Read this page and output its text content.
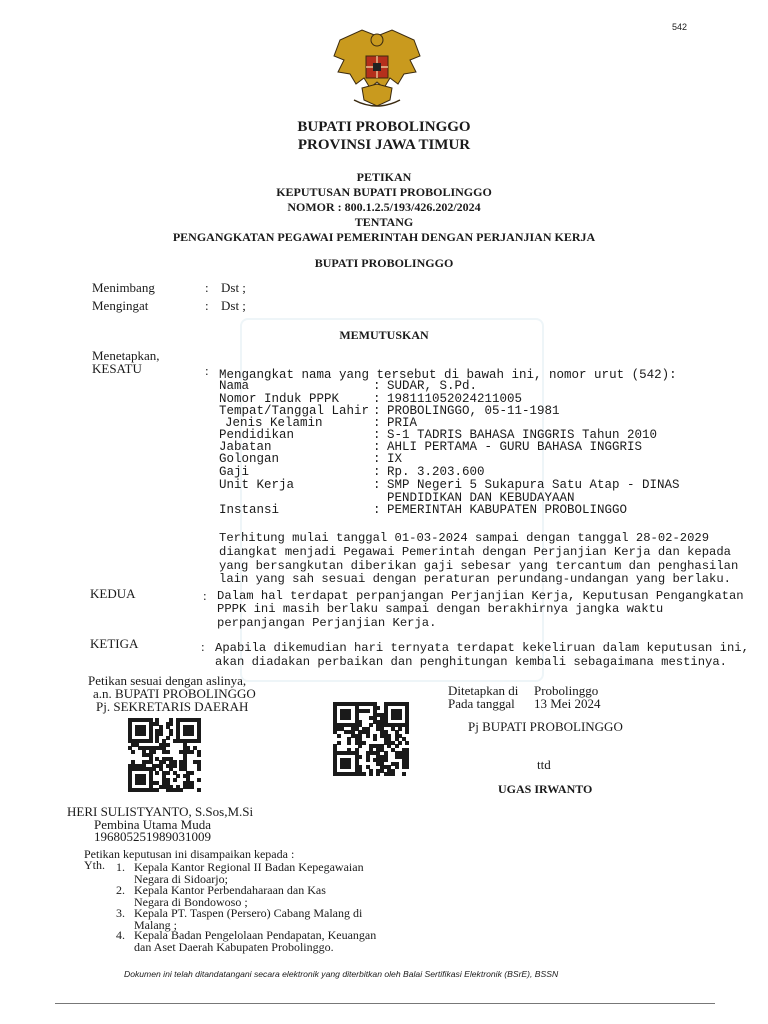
542
BUPATI PROBOLINGGO
PROVINSI JAWA TIMUR
PETIKAN
KEPUTUSAN BUPATI PROBOLINGGO
NOMOR : 800.1.2.5/193/426.202/2024
TENTANG
PENGANGKATAN PEGAWAI PEMERINTAH DENGAN PERJANJIAN KERJA
BUPATI PROBOLINGGO
Menimbang	: Dst ;
Mengingat	: Dst ;
MEMUTUSKAN
Menetapkan,
KESATU	: Mengangkat nama yang tersebut di bawah ini, nomor urut (542):
Nama	: SUDAR, S.Pd.
Nomor Induk PPPK	: 198111052024211005
Tempat/Tanggal Lahir : PROBOLINGGO, 05-11-1981
Jenis Kelamin	: PRIA
Pendidikan	: S-1 TADRIS BAHASA INGGRIS Tahun 2010
Jabatan	: AHLI PERTAMA - GURU BAHASA INGGRIS
Golongan	: IX
Gaji	: Rp. 3.203.600
Unit Kerja	: SMP Negeri 5 Sukapura Satu Atap - DINAS
PENDIDIKAN DAN KEBUDAYAAN
Instansi	: PEMERINTAH KABUPATEN PROBOLINGGO
Terhitung mulai tanggal 01-03-2024 sampai dengan tanggal 28-02-2029
diangkat menjadi Pegawai Pemerintah dengan Perjanjian Kerja dan kepada
yang bersangkutan diberikan gaji sebesar yang tercantum dan penghasilan
lain yang sah sesuai dengan peraturan perundang-undangan yang berlaku.
KEDUA	: Dalam hal terdapat perpanjangan Perjanjian Kerja, Keputusan Pengangkatan
PPPK ini masih berlaku sampai dengan berakhirnya jangka waktu
perpanjangan Perjanjian Kerja.
KETIGA	: Apabila dikemudian hari ternyata terdapat kekeliruan dalam keputusan ini,
akan diadakan perbaikan dan penghitungan kembali sebagaimana mestinya.
Petikan sesuai dengan aslinya,
a.n. BUPATI PROBOLINGGO
Pj. SEKRETARIS DAERAH
Ditetapkan di Probolinggo
Pada tanggal 13 Mei 2024
Pj BUPATI PROBOLINGGO
ttd
UGAS IRWANTO
HERI SULISTYANTO, S.Sos,M.Si
Pembina Utama Muda
196805251989031009
Petikan keputusan ini disampaikan kepada :
Yth. 1. Kepala Kantor Regional II Badan Kepegawaian
Negara di Sidoarjo;
2. Kepala Kantor Perbendaharaan dan Kas
Negara di Bondowoso ;
3. Kepala PT. Taspen (Persero) Cabang Malang di
Malang ;
4. Kepala Badan Pengelolaan Pendapatan, Keuangan
dan Aset Daerah Kabupaten Probolinggo.
Dokumen ini telah ditandatangani secara elektronik yang diterbitkan oleh Balai Sertifikasi Elektronik (BSrE), BSSN
